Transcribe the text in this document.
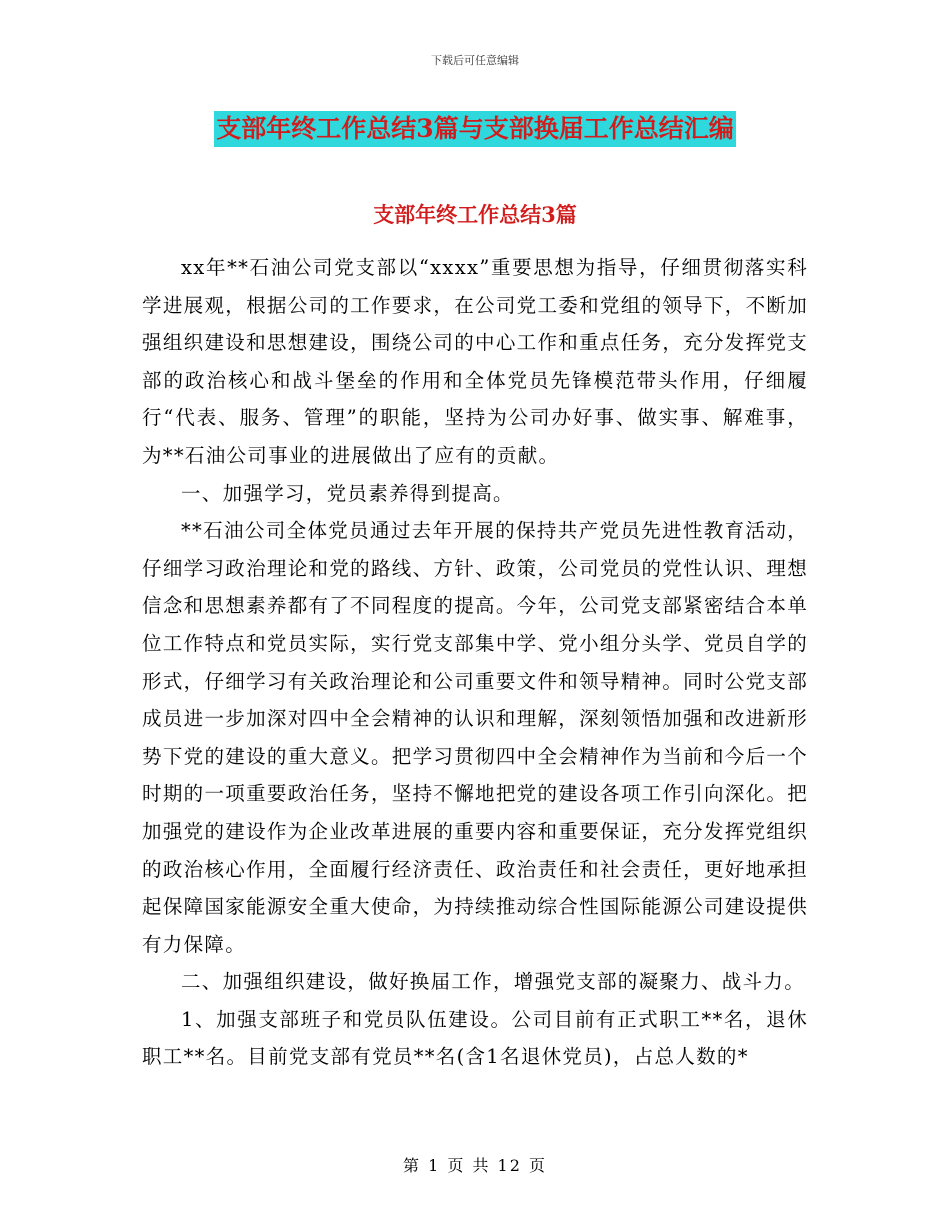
下载后可任意编辑
支部年终工作总结3篇与支部换届工作总结汇编
支部年终工作总结3篇

xx年**石油公司党支部以“xxxx”重要思想为指导，仔细贯彻落实科学进展观，根据公司的工作要求，在公司党工委和党组的领导下，不断加强组织建设和思想建设，围绕公司的中心工作和重点任务，充分发挥党支部的政治核心和战斗堡垒的作用和全体党员先锋模范带头作用，仔细履行“代表、服务、管理”的职能，坚持为公司办好事、做实事、解难事，为**石油公司事业的进展做出了应有的贡献。

一、加强学习，党员素养得到提高。

**石油公司全体党员通过去年开展的保持共产党员先进性教育活动，仔细学习政治理论和党的路线、方针、政策，公司党员的党性认识、理想信念和思想素养都有了不同程度的提高。今年，公司党支部紧密结合本单位工作特点和党员实际，实行党支部集中学、党小组分头学、党员自学的形式，仔细学习有关政治理论和公司重要文件和领导精神。同时公党支部成员进一步加深对四中全会精神的认识和理解，深刻领悟加强和改进新形势下党的建设的重大意义。把学习贯彻四中全会精神作为当前和今后一个时期的一项重要政治任务，坚持不懈地把党的建设各项工作引向深化。把加强党的建设作为企业改革进展的重要内容和重要保证，充分发挥党组织的政治核心作用，全面履行经济责任、政治责任和社会责任，更好地承担起保障国家能源安全重大使命，为持续推动综合性国际能源公司建设提供有力保障。

二、加强组织建设，做好换届工作，增强党支部的凝聚力、战斗力。

1、加强支部班子和党员队伍建设。公司目前有正式职工**名，退休职工**名。目前党支部有党员**名(含1名退休党员)，占总人数的*

第 1 页 共 12 页
